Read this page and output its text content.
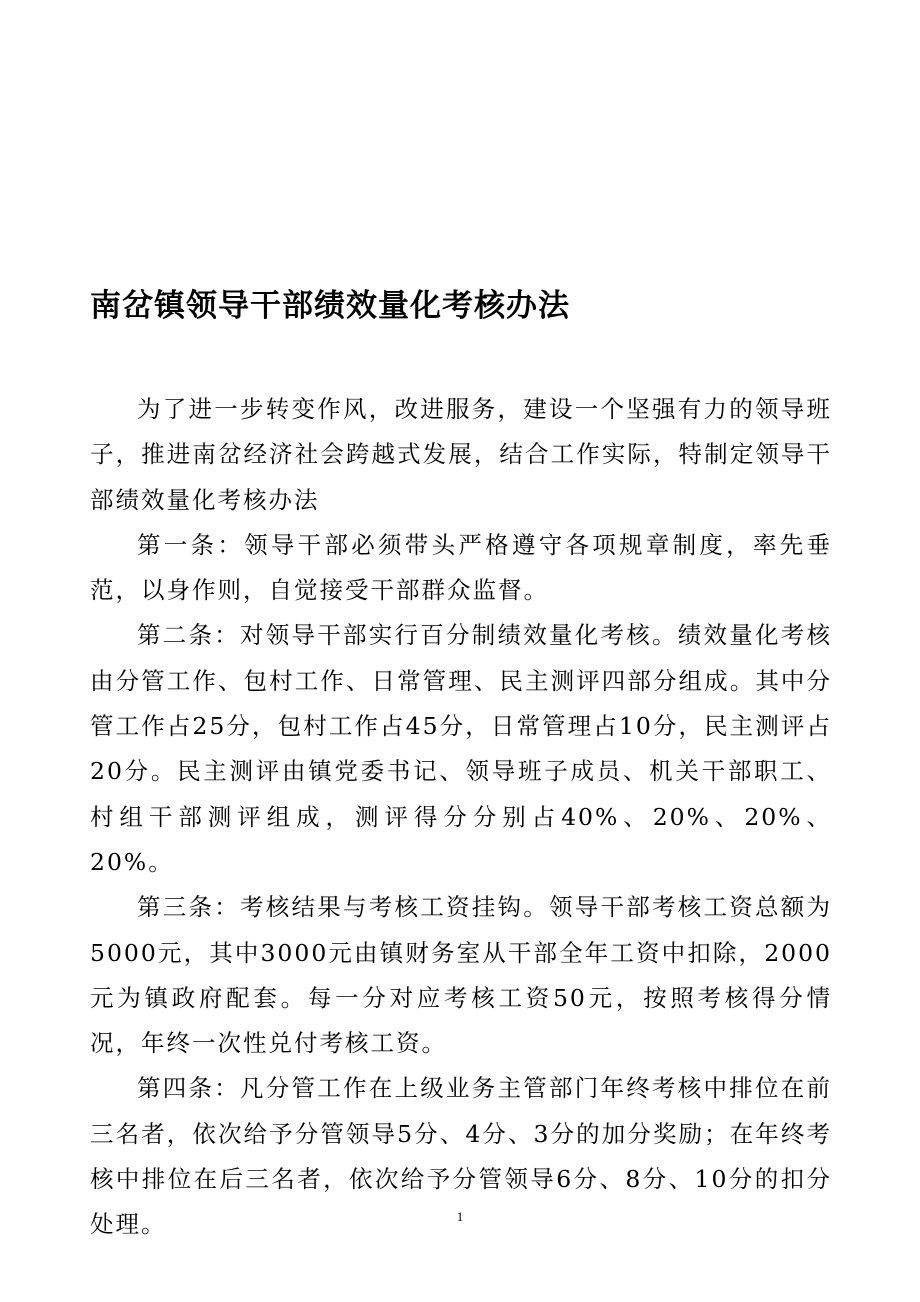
南岔镇领导干部绩效量化考核办法

为了进一步转变作风，改进服务，建设一个坚强有力的领导班子，推进南岔经济社会跨越式发展，结合工作实际，特制定领导干部绩效量化考核办法

第一条：领导干部必须带头严格遵守各项规章制度，率先垂范，以身作则，自觉接受干部群众监督。

第二条：对领导干部实行百分制绩效量化考核。绩效量化考核由分管工作、包村工作、日常管理、民主测评四部分组成。其中分管工作占25分，包村工作占45分，日常管理占10分，民主测评占20分。民主测评由镇党委书记、领导班子成员、机关干部职工、村组干部测评组成，测评得分分别占40%、20%、20%、20%。

第三条：考核结果与考核工资挂钩。领导干部考核工资总额为5000元，其中3000元由镇财务室从干部全年工资中扣除，2000元为镇政府配套。每一分对应考核工资50元，按照考核得分情况，年终一次性兑付考核工资。

第四条：凡分管工作在上级业务主管部门年终考核中排位在前三名者，依次给予分管领导5分、4分、3分的加分奖励；在年终考核中排位在后三名者，依次给予分管领导6分、8分、10分的扣分处理。	1
